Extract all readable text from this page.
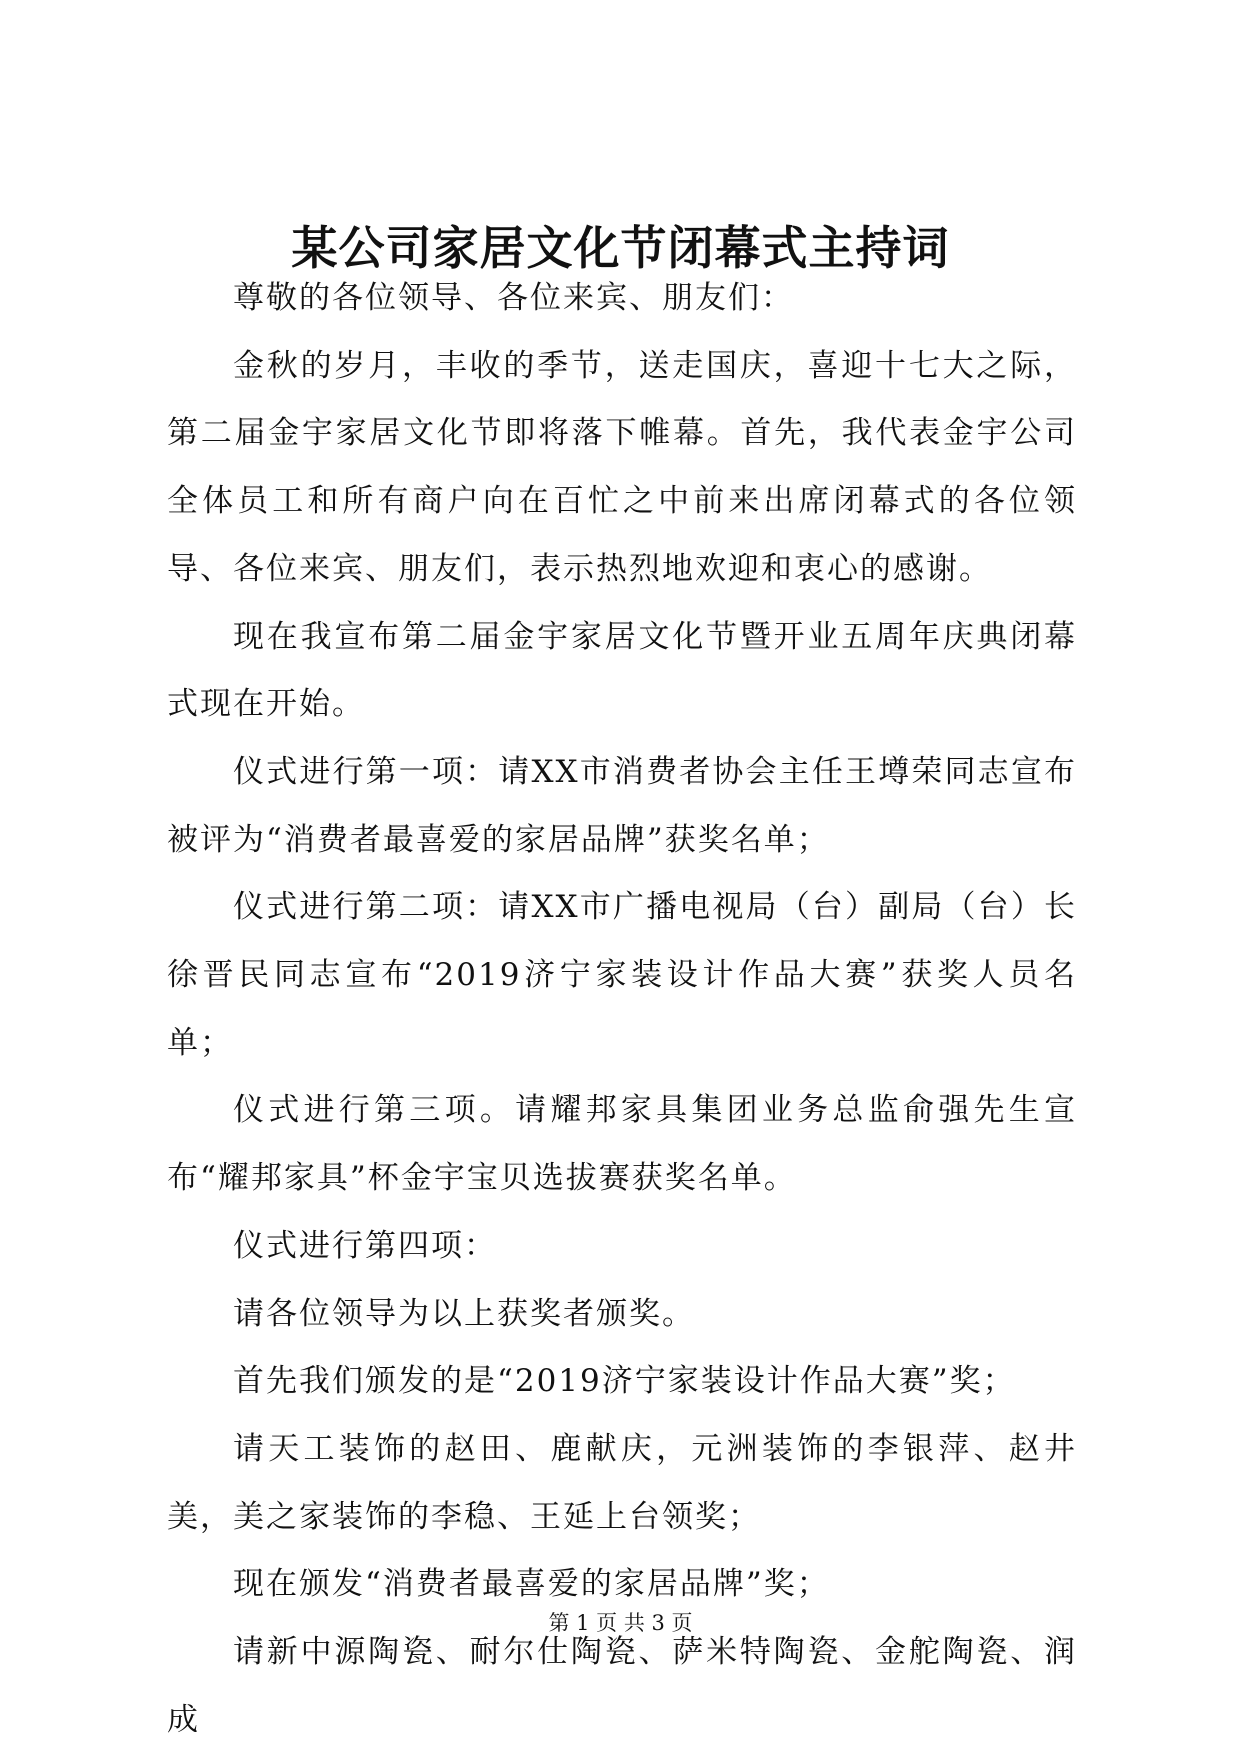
某公司家居文化节闭幕式主持词

尊敬的各位领导、各位来宾、朋友们：

金秋的岁月，丰收的季节，送走国庆，喜迎十七大之际，第二届金宇家居文化节即将落下帷幕。首先，我代表金宇公司全体员工和所有商户向在百忙之中前来出席闭幕式的各位领导、各位来宾、朋友们，表示热烈地欢迎和衷心的感谢。

现在我宣布第二届金宇家居文化节暨开业五周年庆典闭幕式现在开始。

仪式进行第一项：请XX市消费者协会主任王墫荣同志宣布被评为“消费者最喜爱的家居品牌”获奖名单；

仪式进行第二项：请XX市广播电视局（台）副局（台）长徐晋民同志宣布“2019济宁家装设计作品大赛”获奖人员名单；

仪式进行第三项。请耀邦家具集团业务总监俞强先生宣布“耀邦家具”杯金宇宝贝选拔赛获奖名单。

仪式进行第四项：

请各位领导为以上获奖者颁奖。

首先我们颁发的是“2019济宁家装设计作品大赛”奖；

请天工装饰的赵田、鹿献庆，元洲装饰的李银萍、赵井美，美之家装饰的李稳、王延上台领奖；

现在颁发“消费者最喜爱的家居品牌”奖；

请新中源陶瓷、耐尔仕陶瓷、萨米特陶瓷、金舵陶瓷、润成

第 1 页 共 3 页
